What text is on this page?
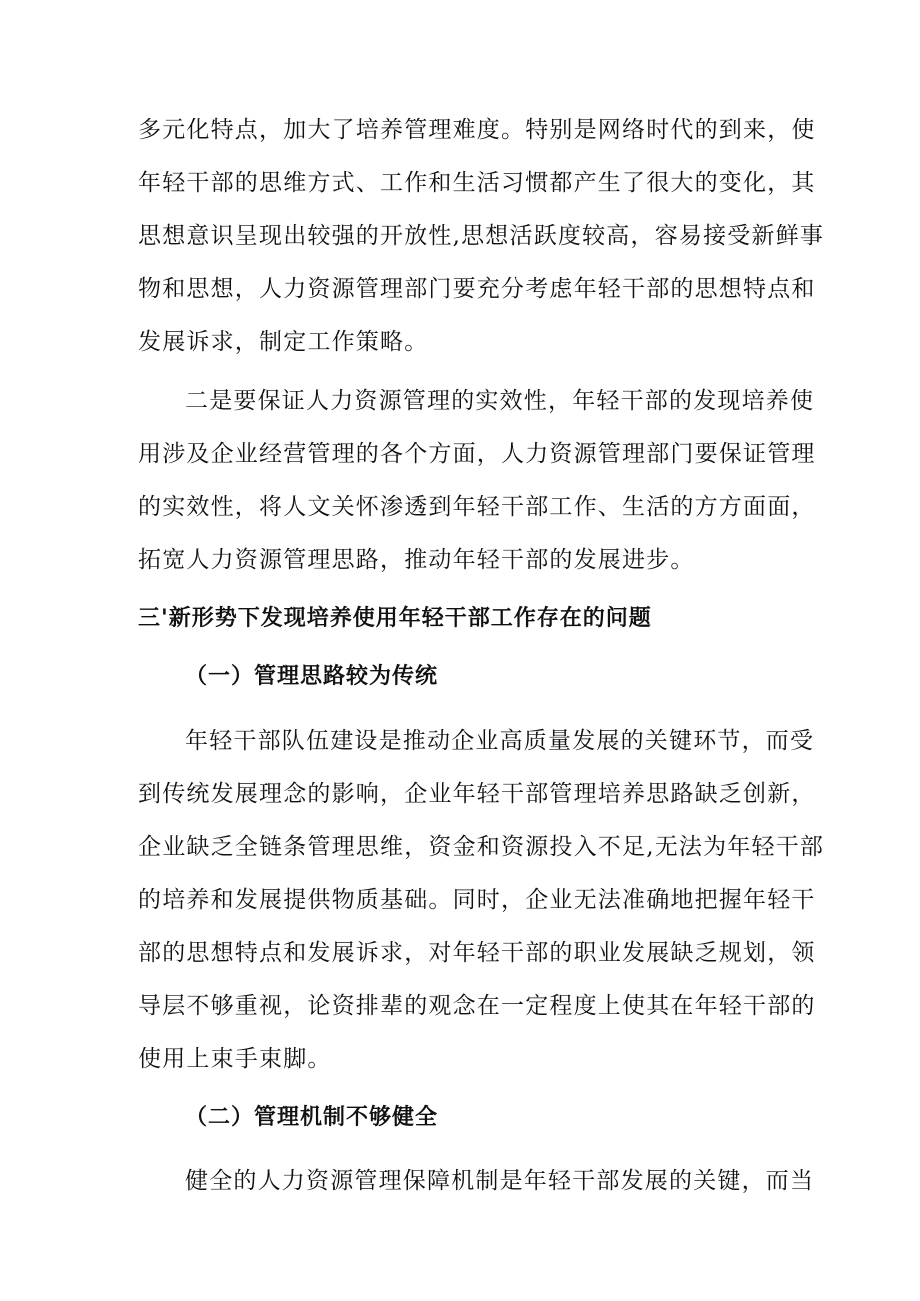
多元化特点，加大了培养管理难度。特别是网络时代的到来，使
年轻干部的思维方式、工作和生活习惯都产生了很大的变化，其
思想意识呈现出较强的开放性,思想活跃度较高，容易接受新鲜事
物和思想，人力资源管理部门要充分考虑年轻干部的思想特点和
发展诉求，制定工作策略。
二是要保证人力资源管理的实效性，年轻干部的发现培养使
用涉及企业经营管理的各个方面，人力资源管理部门要保证管理
的实效性，将人文关怀渗透到年轻干部工作、生活的方方面面，
拓宽人力资源管理思路，推动年轻干部的发展进步。
三'新形势下发现培养使用年轻干部工作存在的问题
（一）管理思路较为传统
年轻干部队伍建设是推动企业高质量发展的关键环节，而受
到传统发展理念的影响，企业年轻干部管理培养思路缺乏创新，
企业缺乏全链条管理思维，资金和资源投入不足,无法为年轻干部
的培养和发展提供物质基础。同时，企业无法准确地把握年轻干
部的思想特点和发展诉求，对年轻干部的职业发展缺乏规划，领
导层不够重视，论资排辈的观念在一定程度上使其在年轻干部的
使用上束手束脚。
（二）管理机制不够健全
健全的人力资源管理保障机制是年轻干部发展的关键，而当
